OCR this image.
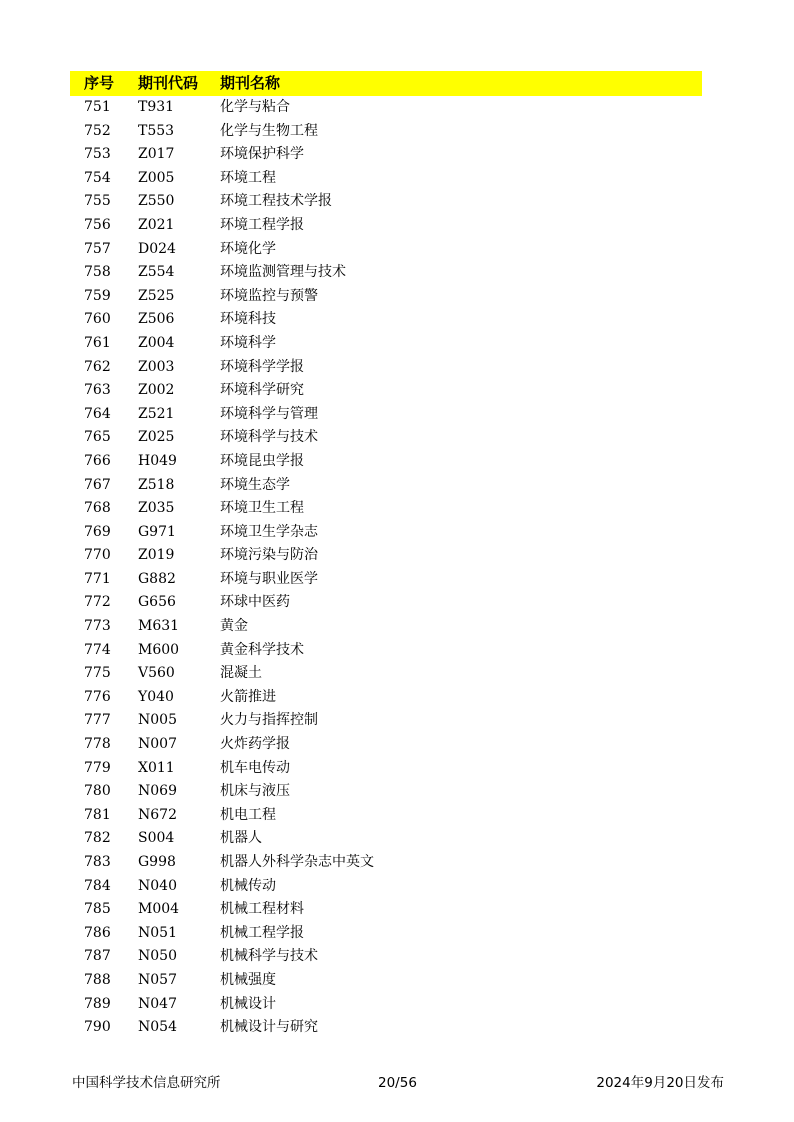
序号 期刊代码 期刊名称
751 T931	化学与粘合
752 T553	化学与生物工程
753 Z017	环境保护科学
754 Z005	环境工程
755 Z550	环境工程技术学报
756 Z021	环境工程学报
757 D024	环境化学
758 Z554	环境监测管理与技术
759 Z525	环境监控与预警
760 Z506	环境科技
761 Z004	环境科学
762 Z003	环境科学学报
763 Z002	环境科学研究
764 Z521	环境科学与管理
765 Z025	环境科学与技术
766 H049	环境昆虫学报
767 Z518	环境生态学
768 Z035	环境卫生工程
769 G971	环境卫生学杂志
770 Z019	环境污染与防治
771 G882	环境与职业医学
772 G656	环球中医药
773 M631	黄金
774 M600	黄金科学技术
775 V560	混凝土
776 Y040	火箭推进
777 N005	火力与指挥控制
778 N007	火炸药学报
779 X011	机车电传动
780 N069	机床与液压
781 N672	机电工程
782 S004	机器人
783 G998	机器人外科学杂志中英文
784 N040	机械传动
785 M004	机械工程材料
786 N051	机械工程学报
787 N050	机械科学与技术
788 N057	机械强度
789 N047	机械设计
790 N054	机械设计与研究
中国科学技术信息研究所	20/56	2024年9月20日发布
